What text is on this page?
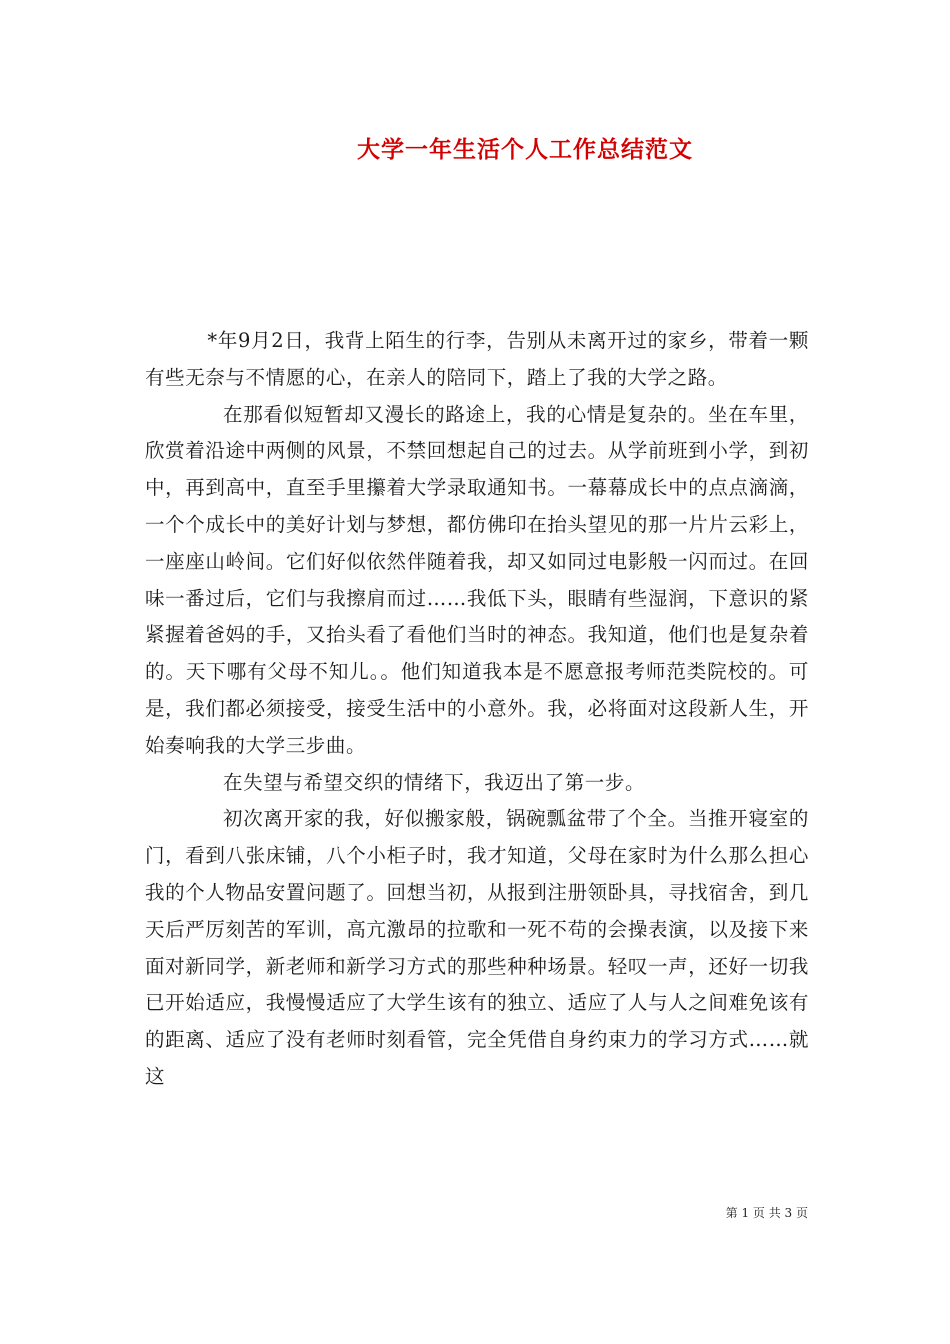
大学一年生活个人工作总结范文

*年9月2日，我背上陌生的行李，告别从未离开过的家乡，带着一颗有些无奈与不情愿的心，在亲人的陪同下，踏上了我的大学之路。

在那看似短暂却又漫长的路途上，我的心情是复杂的。坐在车里，欣赏着沿途中两侧的风景，不禁回想起自己的过去。从学前班到小学，到初中，再到高中，直至手里攥着大学录取通知书。一幕幕成长中的点点滴滴，一个个成长中的美好计划与梦想，都仿佛印在抬头望见的那一片片云彩上，一座座山岭间。它们好似依然伴随着我，却又如同过电影般一闪而过。在回味一番过后，它们与我擦肩而过……我低下头，眼睛有些湿润，下意识的紧紧握着爸妈的手，又抬头看了看他们当时的神态。我知道，他们也是复杂着的。天下哪有父母不知儿。。他们知道我本是不愿意报考师范类院校的。可是，我们都必须接受，接受生活中的小意外。我，必将面对这段新人生，开始奏响我的大学三步曲。

在失望与希望交织的情绪下，我迈出了第一步。

初次离开家的我，好似搬家般，锅碗瓢盆带了个全。当推开寝室的门，看到八张床铺，八个小柜子时，我才知道，父母在家时为什么那么担心我的个人物品安置问题了。回想当初，从报到注册领卧具，寻找宿舍，到几天后严厉刻苦的军训，高亢激昂的拉歌和一死不苟的会操表演，以及接下来面对新同学，新老师和新学习方式的那些种种场景。轻叹一声，还好一切我已开始适应，我慢慢适应了大学生该有的独立、适应了人与人之间难免该有的距离、适应了没有老师时刻看管，完全凭借自身约束力的学习方式……就这

第 1 页 共 3 页
